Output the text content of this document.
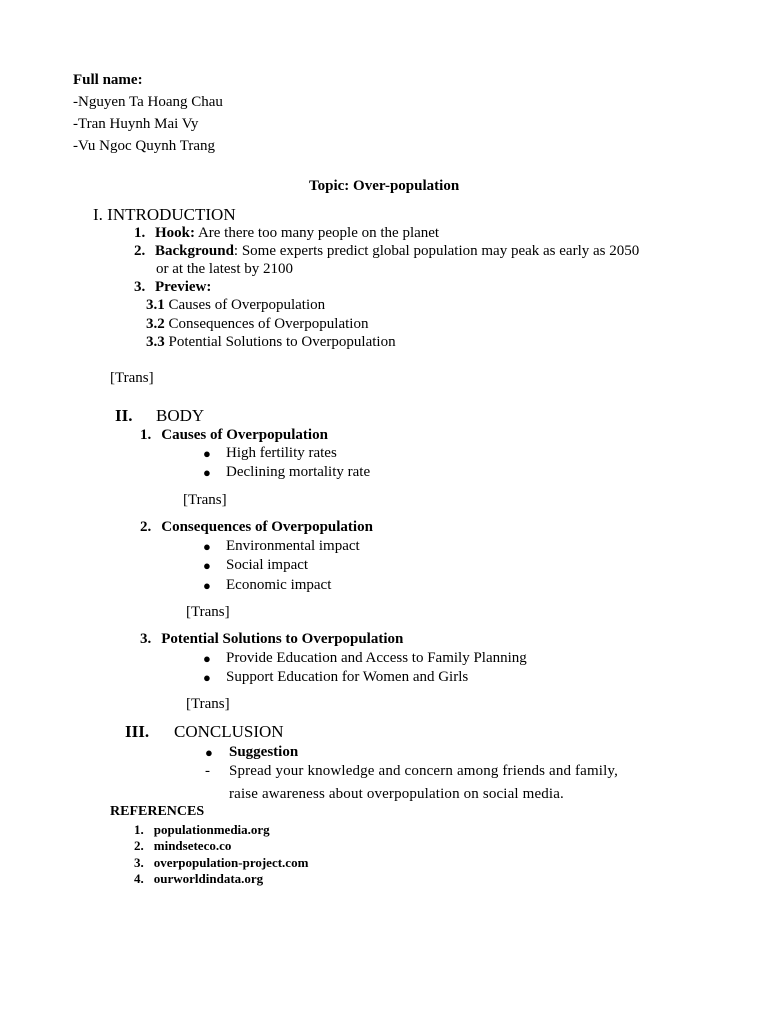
Full name:
-Nguyen Ta Hoang Chau
-Tran Huynh Mai Vy
-Vu Ngoc Quynh Trang
Topic: Over-population
I. INTRODUCTION
1. Hook: Are there too many people on the planet
2. Background: Some experts predict global population may peak as early as 2050
or at the latest by 2100
3. Preview:
3.1 Causes of Overpopulation
3.2 Consequences of Overpopulation
3.3 Potential Solutions to Overpopulation
[Trans]
II. BODY
1. Causes of Overpopulation
● High fertility rates
● Declining mortality rate
[Trans]
2. Consequences of Overpopulation
● Environmental impact
● Social impact
● Economic impact
[Trans]
3. Potential Solutions to Overpopulation
● Provide Education and Access to Family Planning
● Support Education for Women and Girls
[Trans]
III. CONCLUSION
● Suggestion
- Spread your knowledge and concern among friends and family,
raise awareness about overpopulation on social media.
REFERENCES
1. populationmedia.org
2. mindseteco.co
3. overpopulation-project.com
4. ourworldindata.org
